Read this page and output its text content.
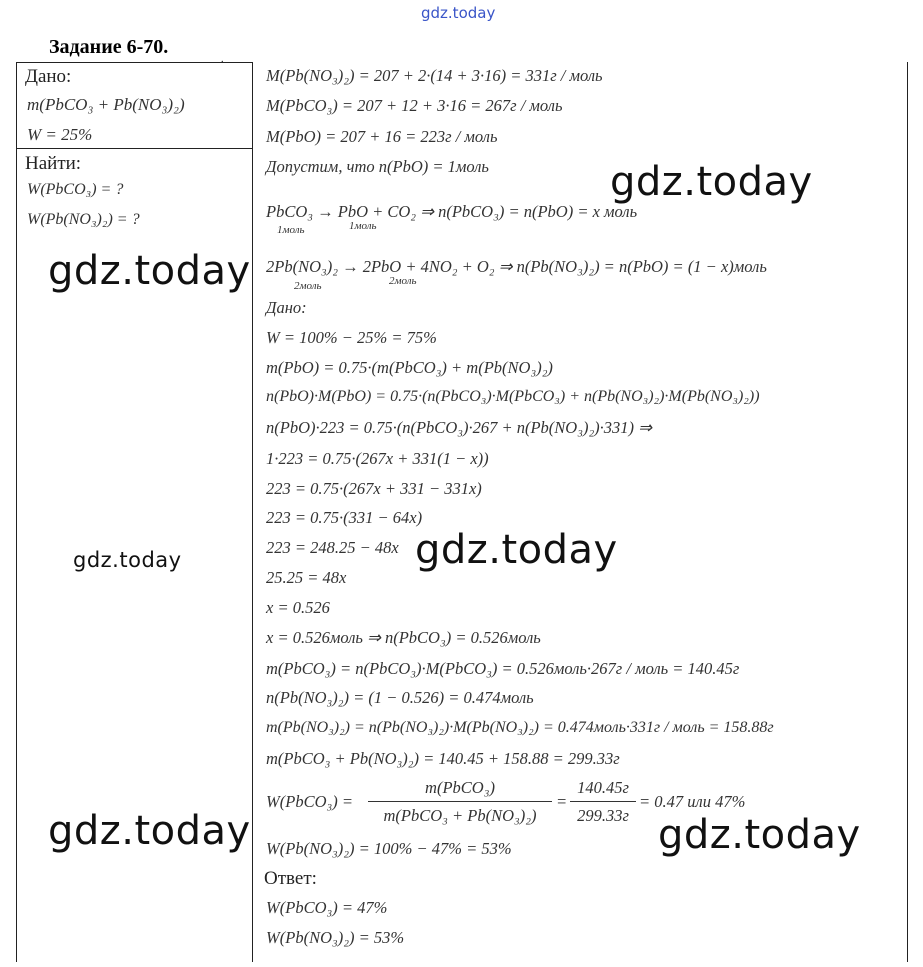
gdz.today
Задание 6-70.
.
Дано:
m(PbCO₃ + Pb(NO₃)₂)
W = 25%
Найти:
W(PbCO₃) = ?
W(Pb(NO₃)₂) = ?
M(Pb(NO₃)₂) = 207 + 2·(14 + 3·16) = 331г / моль
M(PbCO₃) = 207 + 12 + 3·16 = 267г / моль
M(PbO) = 207 + 16 = 223г / моль
Допустим, что n(PbO) = 1моль
PbCO₃ → PbO + CO₂ ⇒ n(PbCO₃) = n(PbO) = x моль
1моль	1моль
2Pb(NO₃)₂ → 2PbO + 4NO₂ + O₂ ⇒ n(Pb(NO₃)₂) = n(PbO) = (1 − x)моль
2моль	2моль
Дано:
W = 100% − 25% = 75%
m(PbO) = 0.75·(m(PbCO₃) + m(Pb(NO₃)₂)
n(PbO)·M(PbO) = 0.75·(n(PbCO₃)·M(PbCO₃) + n(Pb(NO₃)₂)·M(Pb(NO₃)₂))
n(PbO)·223 = 0.75·(n(PbCO₃)·267 + n(Pb(NO₃)₂)·331) ⇒
1·223 = 0.75·(267x + 331(1 − x))
223 = 0.75·(267x + 331 − 331x)
223 = 0.75·(331 − 64x)
223 = 248.25 − 48x
25.25 = 48x
x = 0.526
x = 0.526моль ⇒ n(PbCO₃) = 0.526моль
m(PbCO₃) = n(PbCO₃)·M(PbCO₃) = 0.526моль·267г / моль = 140.45г
n(Pb(NO₃)₂) = (1 − 0.526) = 0.474моль
m(Pb(NO₃)₂) = n(Pb(NO₃)₂)·M(Pb(NO₃)₂) = 0.474моль·331г / моль = 158.88г
m(PbCO₃ + Pb(NO₃)₂) = 140.45 + 158.88 = 299.33г
W(PbCO₃) =
m(PbCO₃)
m(PbCO₃ + Pb(NO₃)₂)
=
140.45г
299.33г
= 0.47 или 47%
W(Pb(NO₃)₂) = 100% − 47% = 53%
Ответ:
W(PbCO₃) = 47%
W(Pb(NO₃)₂) = 53%
gdz.today
gdz.today
gdz.today	gdz.today
gdz.today	gdz.today
